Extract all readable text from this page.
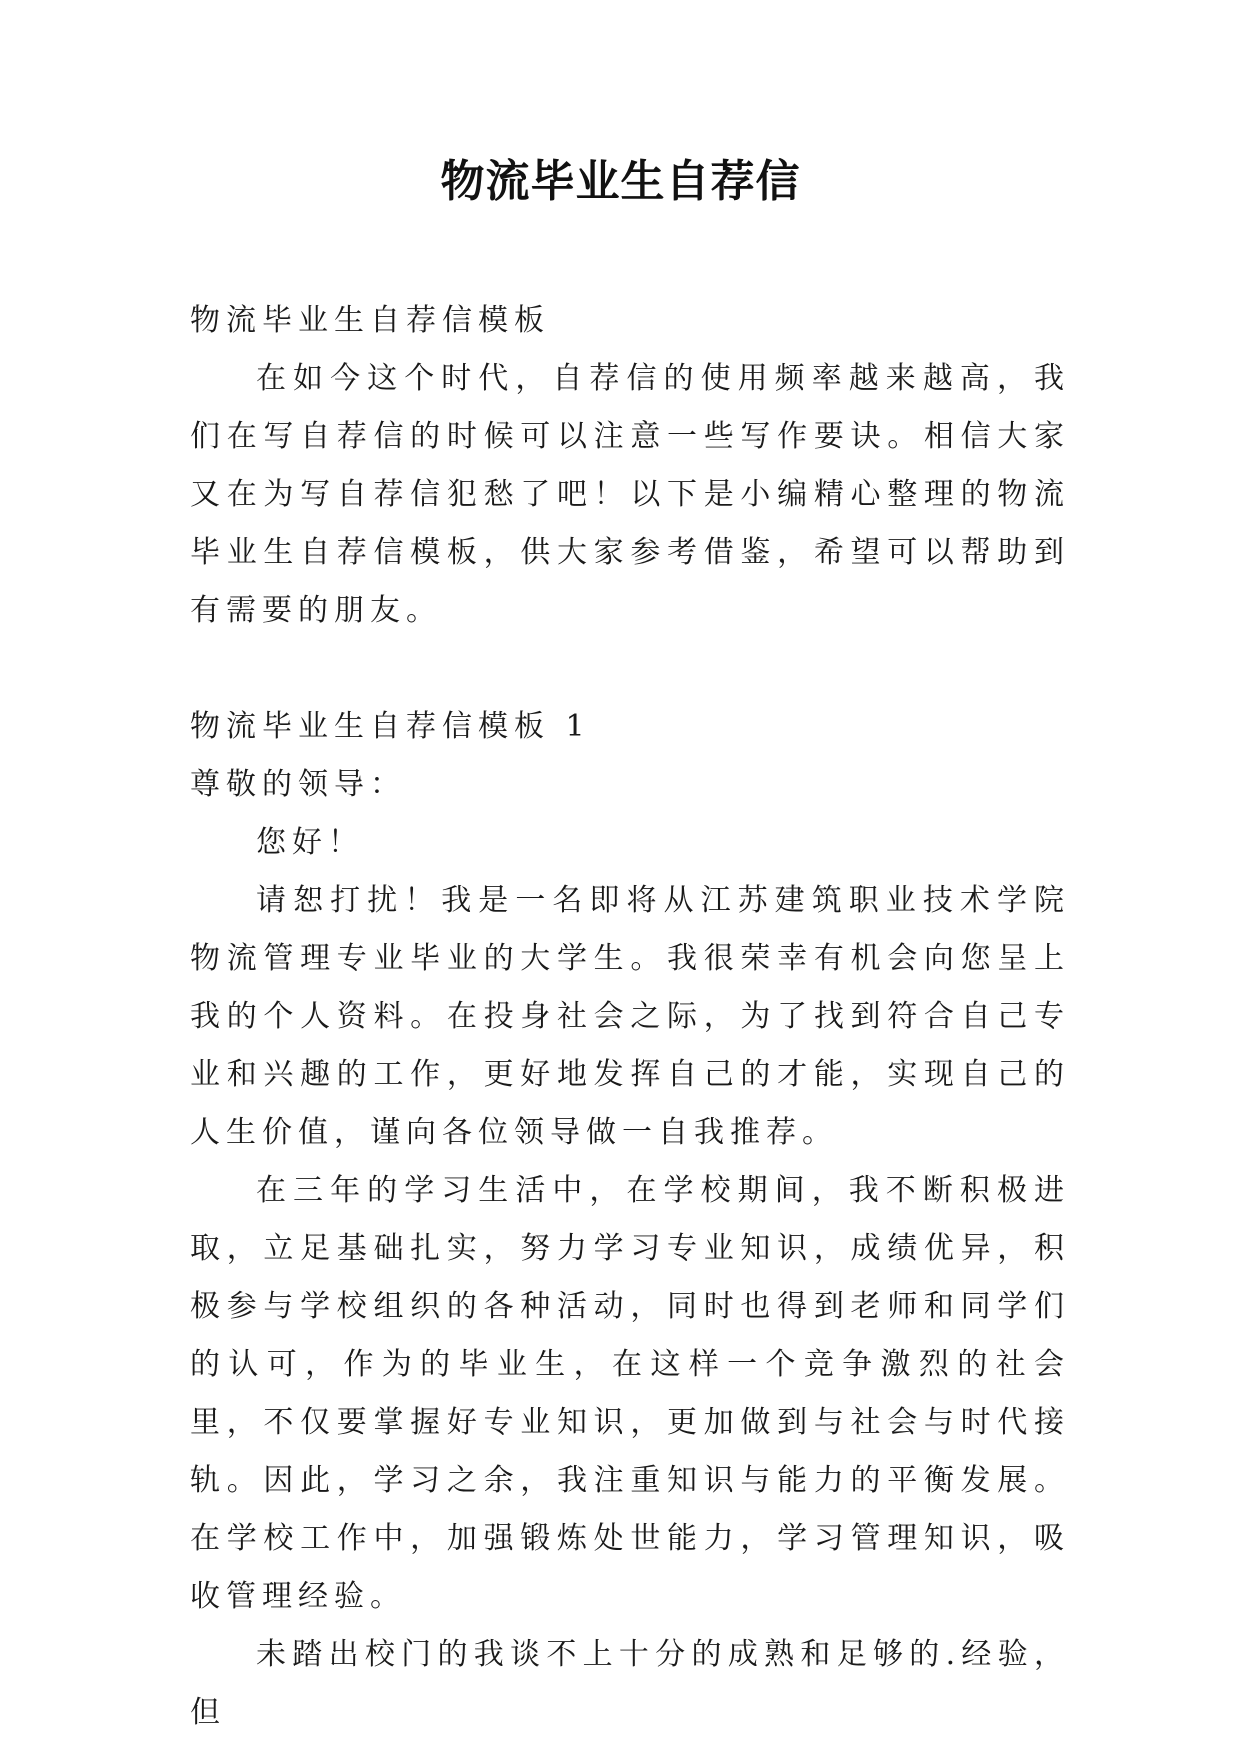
物流毕业生自荐信

物流毕业生自荐信模板

在如今这个时代，自荐信的使用频率越来越高，我们在写自荐信的时候可以注意一些写作要诀。相信大家又在为写自荐信犯愁了吧！以下是小编精心整理的物流毕业生自荐信模板，供大家参考借鉴，希望可以帮助到有需要的朋友。

物流毕业生自荐信模板 1

尊敬的领导：

您好！

请恕打扰！我是一名即将从江苏建筑职业技术学院物流管理专业毕业的大学生。我很荣幸有机会向您呈上我的个人资料。在投身社会之际，为了找到符合自己专业和兴趣的工作，更好地发挥自己的才能，实现自己的人生价值，谨向各位领导做一自我推荐。

在三年的学习生活中，在学校期间，我不断积极进取，立足基础扎实，努力学习专业知识，成绩优异，积极参与学校组织的各种活动，同时也得到老师和同学们的认可，作为的毕业生，在这样一个竞争激烈的社会里，不仅要掌握好专业知识，更加做到与社会与时代接轨。因此，学习之余，我注重知识与能力的平衡发展。在学校工作中，加强锻炼处世能力，学习管理知识，吸收管理经验。

未踏出校门的我谈不上十分的成熟和足够的.经验，但
